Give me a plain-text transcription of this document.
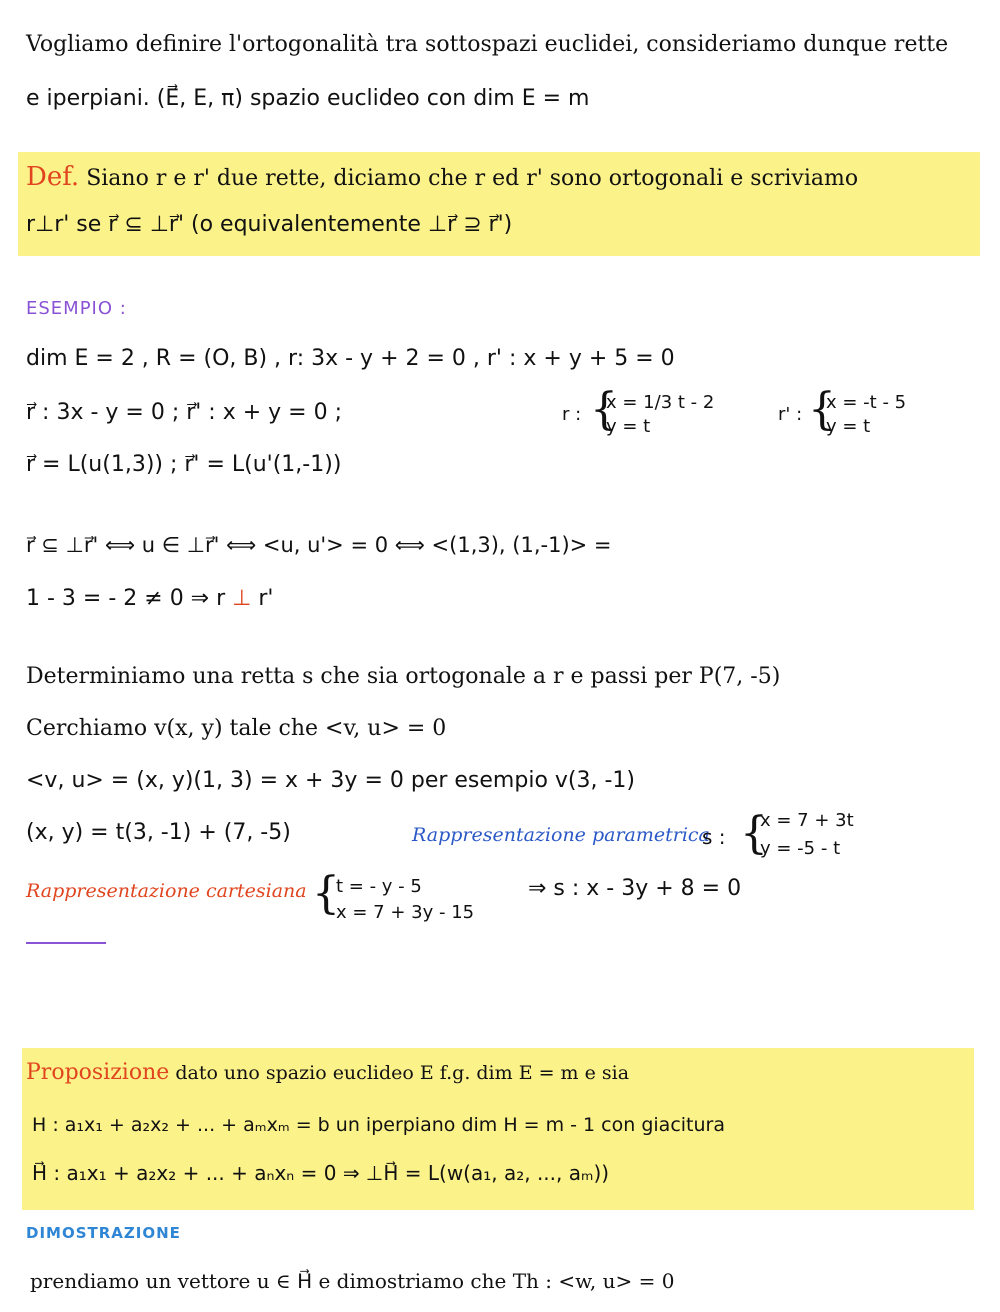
Vogliamo definire l'ortogonalità tra sottospazi euclidei, consideriamo dunque rette
e iperpiani. (E⃗, E, π) spazio euclideo con dim E = m
Def. Siano r e r' due rette, diciamo che r ed r' sono ortogonali e scriviamo
r⊥r' se r⃗ ⊆ ⊥r⃗' (o equivalentemente ⊥r⃗ ⊇ r⃗')
ESEMPIO :
dim E = 2 , R = (O, B) , r: 3x - y + 2 = 0 , r' : x + y + 5 = 0
r⃗ : 3x - y = 0 ; r⃗' : x + y = 0 ;	r : {
x = 1/3 t - 2
y = t
r' : {
x = -t - 5
y = t
r⃗ = L(u(1,3)) ; r⃗' = L(u'(1,-1))
r⃗ ⊆ ⊥r⃗' ⟺ u ∈ ⊥r⃗' ⟺ <u, u'> = 0 ⟺ <(1,3), (1,-1)> =
1 - 3 = - 2 ≠ 0 ⇒ r ⊥ r'
Determiniamo una retta s che sia ortogonale a r e passi per P(7, -5)
Cerchiamo v(x, y) tale che <v, u> = 0
<v, u> = (x, y)(1, 3) = x + 3y = 0 per esempio v(3, -1)
(x, y) = t(3, -1) + (7, -5)	Rappresentazione parametrica
s : {
x = 7 + 3t
y = -5 - t
Rappresentazione cartesiana {
t = - y - 5
x = 7 + 3y - 15
⇒ s : x - 3y + 8 = 0
Proposizione dato uno spazio euclideo E f.g. dim E = m e sia
H : a₁x₁ + a₂x₂ + ... + aₘxₘ = b un iperpiano dim H = m - 1 con giacitura
H⃗ : a₁x₁ + a₂x₂ + ... + aₙxₙ = 0 ⇒ ⊥H⃗ = L(w(a₁, a₂, ..., aₘ))
DIMOSTRAZIONE
prendiamo un vettore u ∈ H⃗ e dimostriamo che Th : <w, u> = 0
